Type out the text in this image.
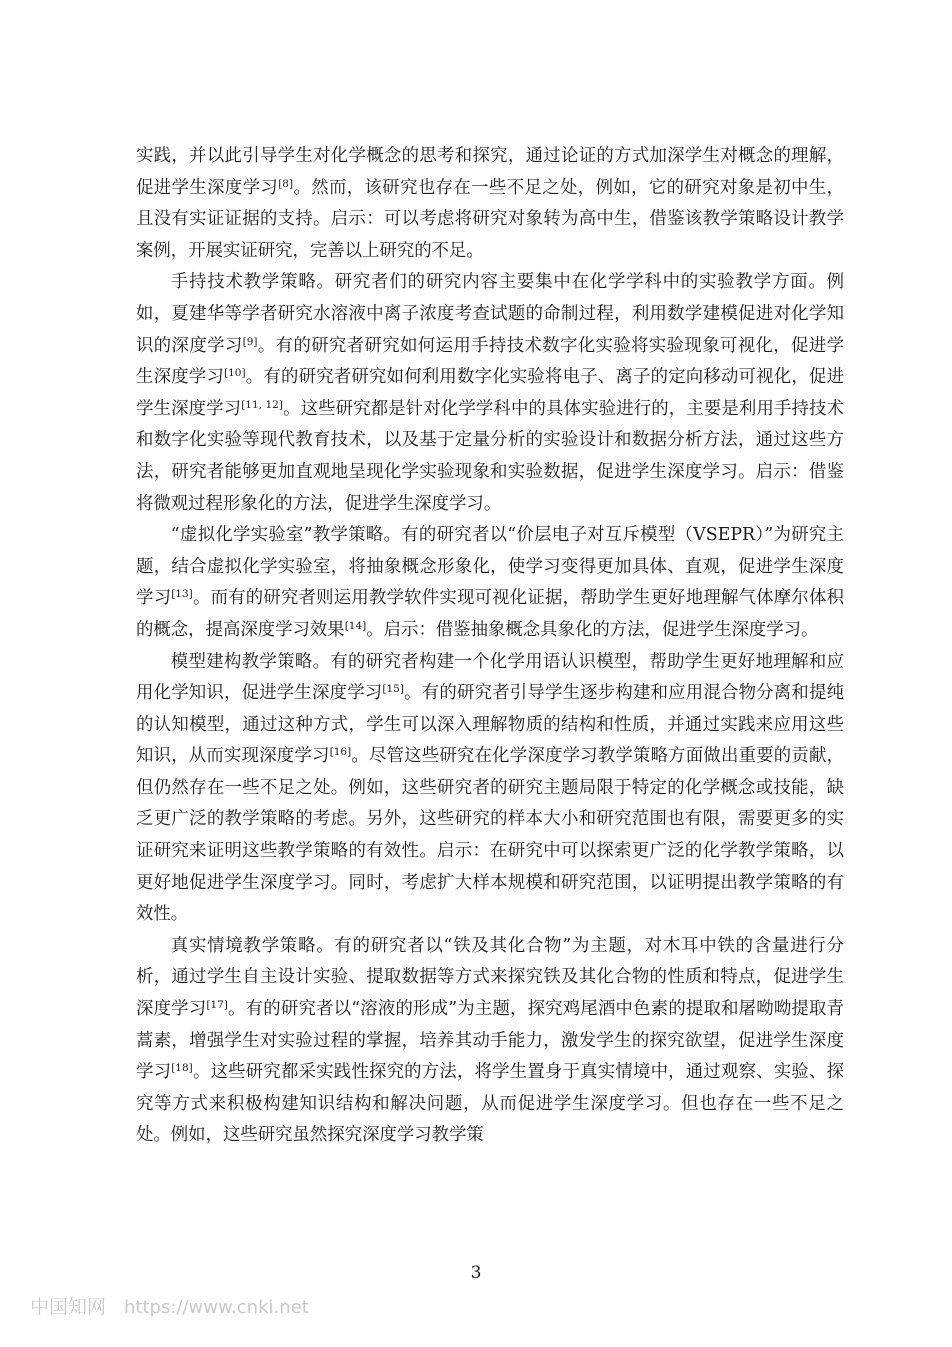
实践，并以此引导学生对化学概念的思考和探究，通过论证的方式加深学生对概念的理解，促进学生深度学习[8]。然而，该研究也存在一些不足之处，例如，它的研究对象是初中生，且没有实证证据的支持。启示：可以考虑将研究对象转为高中生，借鉴该教学策略设计教学案例，开展实证研究，完善以上研究的不足。

手持技术教学策略。研究者们的研究内容主要集中在化学学科中的实验教学方面。例如，夏建华等学者研究水溶液中离子浓度考查试题的命制过程，利用数学建模促进对化学知识的深度学习[9]。有的研究者研究如何运用手持技术数字化实验将实验现象可视化，促进学生深度学习[10]。有的研究者研究如何利用数字化实验将电子、离子的定向移动可视化，促进学生深度学习[11, 12]。这些研究都是针对化学学科中的具体实验进行的，主要是利用手持技术和数字化实验等现代教育技术，以及基于定量分析的实验设计和数据分析方法，通过这些方法，研究者能够更加直观地呈现化学实验现象和实验数据，促进学生深度学习。启示：借鉴将微观过程形象化的方法，促进学生深度学习。

“虚拟化学实验室”教学策略。有的研究者以“价层电子对互斥模型（VSEPR）”为研究主题，结合虚拟化学实验室，将抽象概念形象化，使学习变得更加具体、直观，促进学生深度学习[13]。而有的研究者则运用教学软件实现可视化证据，帮助学生更好地理解气体摩尔体积的概念，提高深度学习效果[14]。启示：借鉴抽象概念具象化的方法，促进学生深度学习。

模型建构教学策略。有的研究者构建一个化学用语认识模型，帮助学生更好地理解和应用化学知识，促进学生深度学习[15]。有的研究者引导学生逐步构建和应用混合物分离和提纯的认知模型，通过这种方式，学生可以深入理解物质的结构和性质，并通过实践来应用这些知识，从而实现深度学习[16]。尽管这些研究在化学深度学习教学策略方面做出重要的贡献，但仍然存在一些不足之处。例如，这些研究者的研究主题局限于特定的化学概念或技能，缺乏更广泛的教学策略的考虑。另外，这些研究的样本大小和研究范围也有限，需要更多的实证研究来证明这些教学策略的有效性。启示：在研究中可以探索更广泛的化学教学策略，以更好地促进学生深度学习。同时，考虑扩大样本规模和研究范围，以证明提出教学策略的有效性。

真实情境教学策略。有的研究者以“铁及其化合物”为主题，对木耳中铁的含量进行分析，通过学生自主设计实验、提取数据等方式来探究铁及其化合物的性质和特点，促进学生深度学习[17]。有的研究者以“溶液的形成”为主题，探究鸡尾酒中色素的提取和屠呦呦提取青蒿素，增强学生对实验过程的掌握，培养其动手能力，激发学生的探究欲望，促进学生深度学习[18]。这些研究都采实践性探究的方法，将学生置身于真实情境中，通过观察、实验、探究等方式来积极构建知识结构和解决问题，从而促进学生深度学习。但也存在一些不足之处。例如，这些研究虽然探究深度学习教学策

3
中国知网 https://www.cnki.net
